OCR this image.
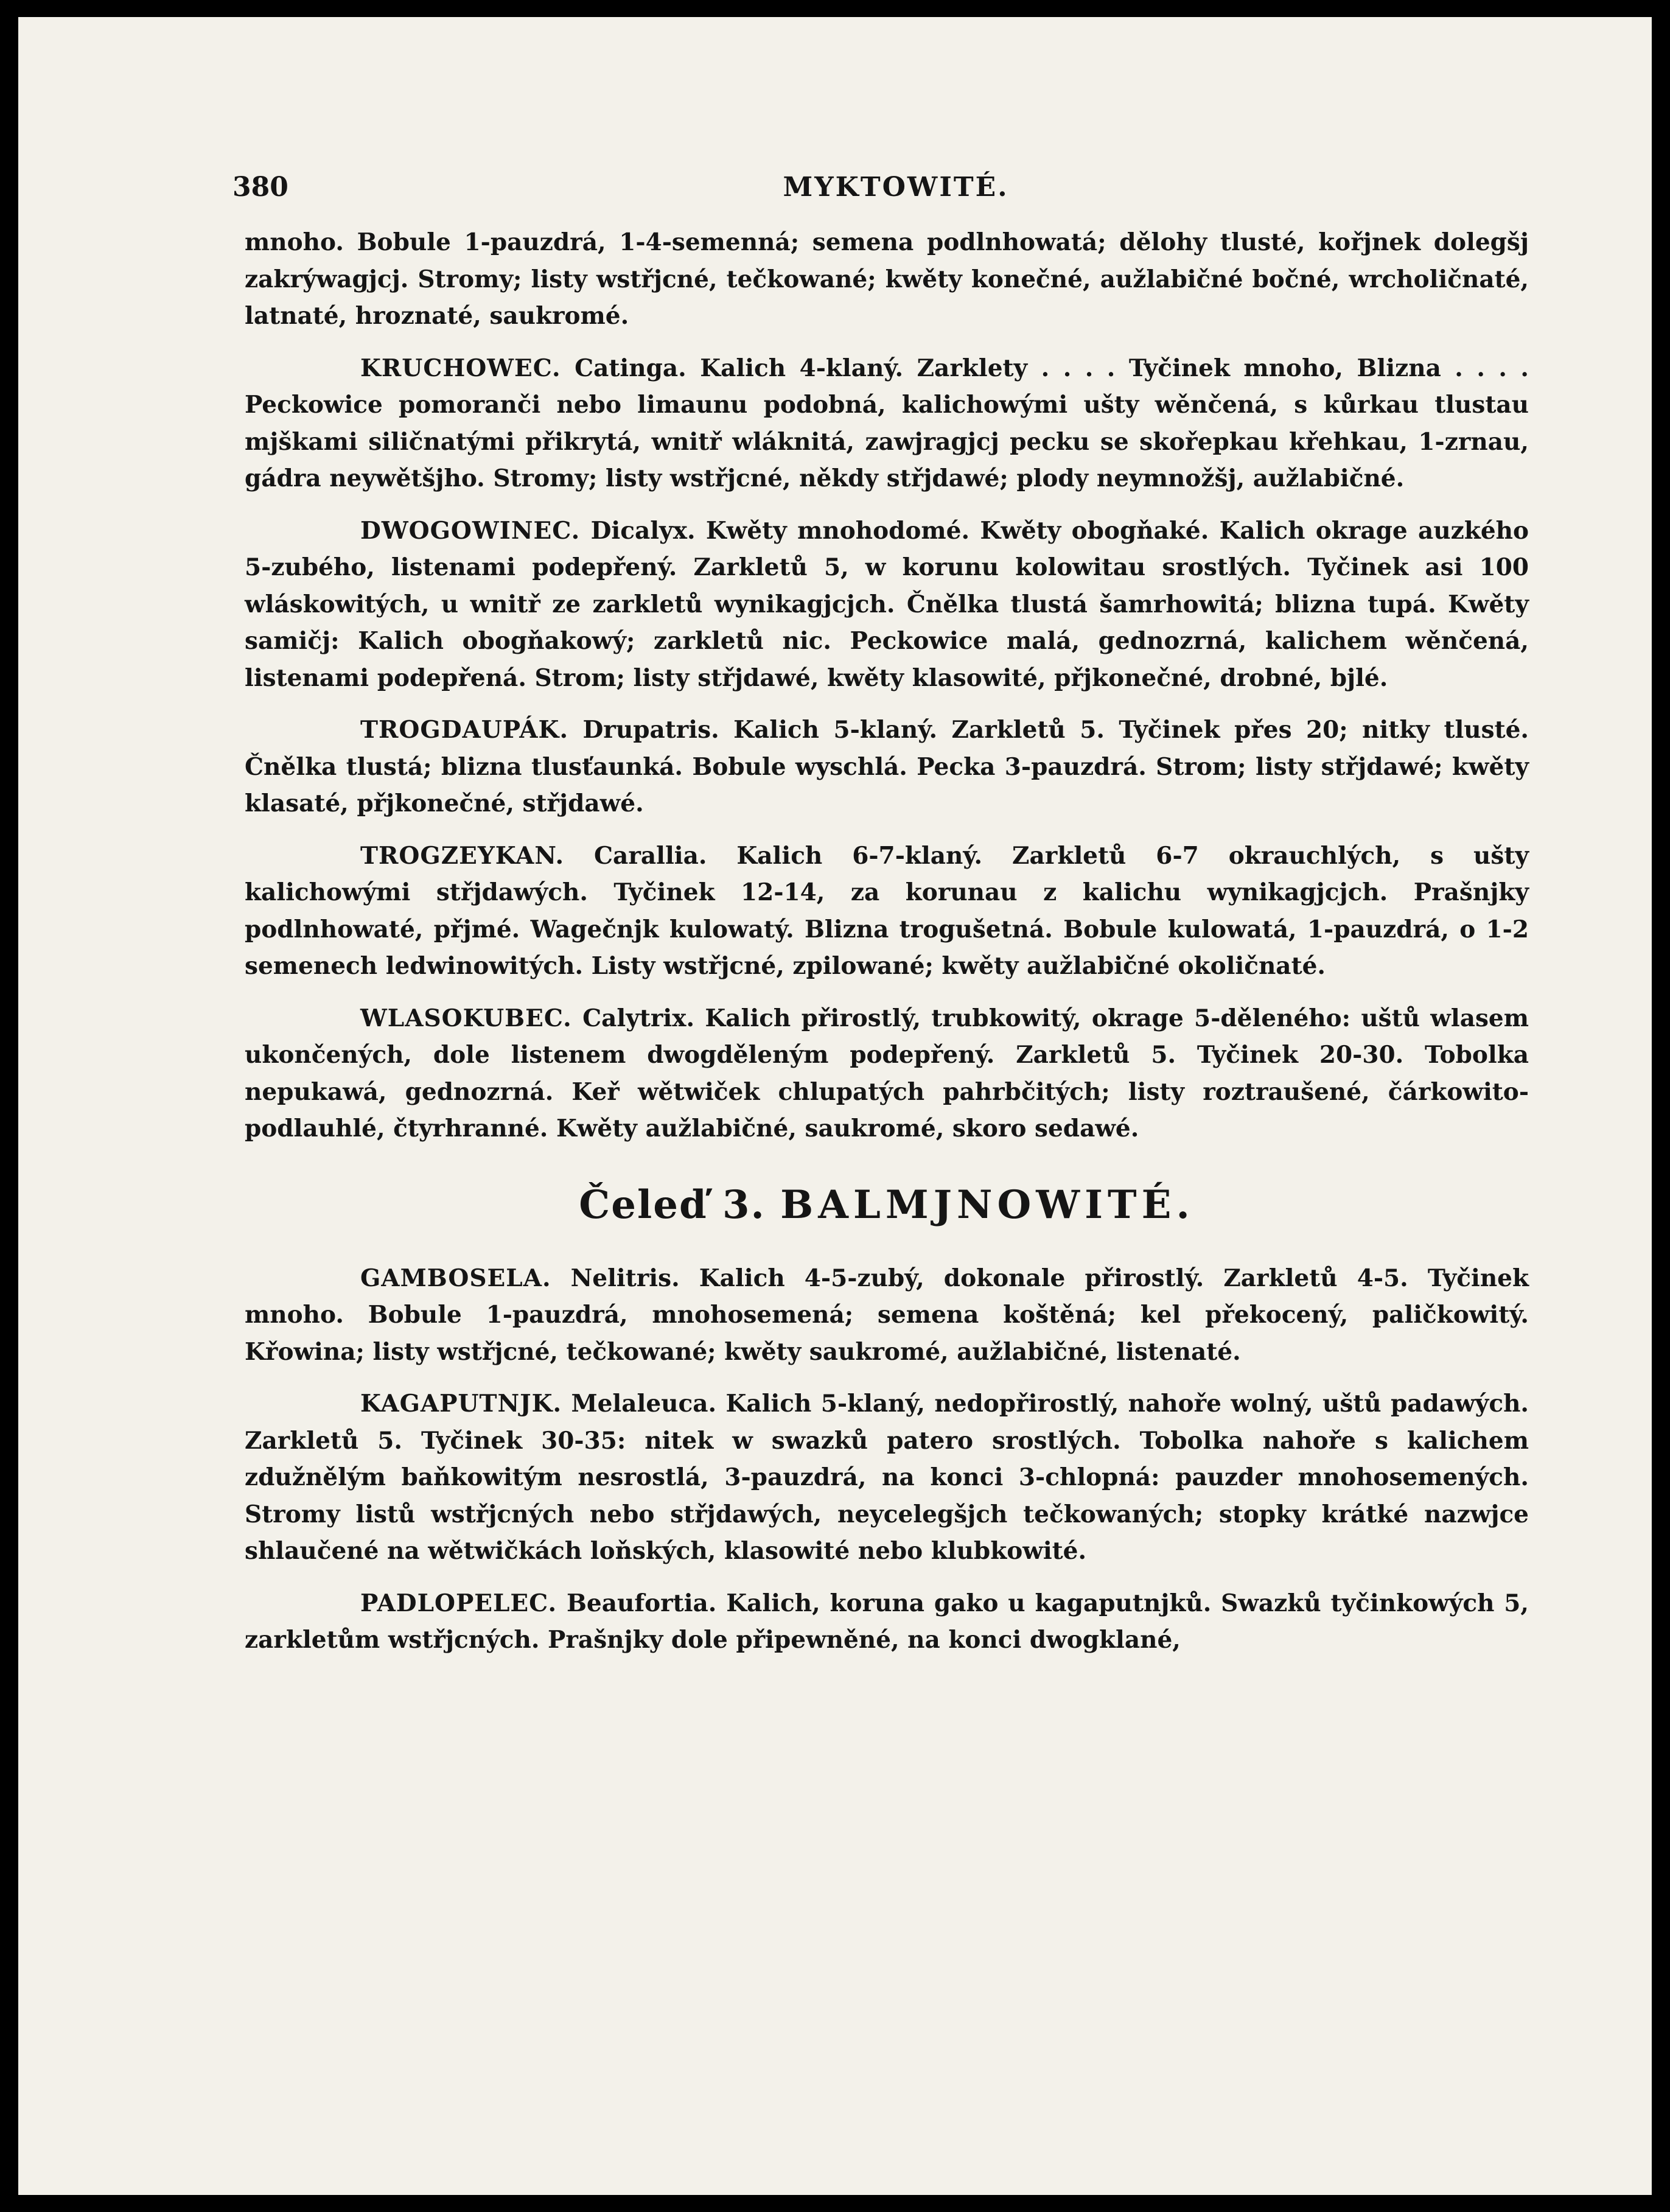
380	MYKTOWITÉ.

mnoho. Bobule 1-pauzdrá, 1-4-semenná; semena podlnhowatá; dělohy tlusté, kořjnek dolegšj zakrýwagjcj. Stromy; listy wstřjcné, tečkowané; kwěty konečné, aužlabičné bočné, wrcholičnaté, latnaté, hroznaté, saukromé.

KRUCHOWEC. Catinga. Kalich 4-klaný. Zarklety . . . . Tyčinek mnoho, Blizna . . . . Peckowice pomoranči nebo limaunu podobná, kalichowými ušty wěnčená, s kůrkau tlustau mjškami siličnatými přikrytá, wnitř wláknitá, zawjragjcj pecku se skořepkau křehkau, 1-zrnau, gádra neywětšjho. Stromy; listy wstřjcné, někdy střjdawé; plody neymnožšj, aužlabičné.

DWOGOWINEC. Dicalyx. Kwěty mnohodomé. Kwěty obogňaké. Kalich okrage auzkého 5-zubého, listenami podepřený. Zarkletů 5, w korunu kolowitau srostlých. Tyčinek asi 100 wláskowitých, u wnitř ze zarkletů wynikagjcjch. Čnělka tlustá šamrhowitá; blizna tupá. Kwěty samičj: Kalich obogňakowý; zarkletů nic. Peckowice malá, gednozrná, kalichem wěnčená, listenami podepřená. Strom; listy střjdawé, kwěty klasowité, přjkonečné, drobné, bjlé.

TROGDAUPÁK. Drupatris. Kalich 5-klaný. Zarkletů 5. Tyčinek přes 20; nitky tlusté. Čnělka tlustá; blizna tlusťaunká. Bobule wyschlá. Pecka 3-pauzdrá. Strom; listy střjdawé; kwěty klasaté, přjkonečné, střjdawé.

TROGZEYKAN. Carallia. Kalich 6-7-klaný. Zarkletů 6-7 okrauchlých, s ušty kalichowými střjdawých. Tyčinek 12-14, za korunau z kalichu wynikagjcjch. Prašnjky podlnhowaté, přjmé. Wagečnjk kulowatý. Blizna trogušetná. Bobule kulowatá, 1-pauzdrá, o 1-2 semenech ledwinowitých. Listy wstřjcné, zpilowané; kwěty aužlabičné okoličnaté.

WLASOKUBEC. Calytrix. Kalich přirostlý, trubkowitý, okrage 5-děleného: uštů wlasem ukončených, dole listenem dwogděleným podepřený. Zarkletů 5. Tyčinek 20-30. Tobolka nepukawá, gednozrná. Keř wětwiček chlupatých pahrbčitých; listy roztraušené, čárkowito-podlauhlé, čtyrhranné. Kwěty aužlabičné, saukromé, skoro sedawé.

Čeleď 3. BALMJNOWITÉ.

GAMBOSELA. Nelitris. Kalich 4-5-zubý, dokonale přirostlý. Zarkletů 4-5. Tyčinek mnoho. Bobule 1-pauzdrá, mnohosemená; semena koštěná; kel překocený, paličkowitý. Křowina; listy wstřjcné, tečkowané; kwěty saukromé, aužlabičné, listenaté.

KAGAPUTNJK. Melaleuca. Kalich 5-klaný, nedopřirostlý, nahoře wolný, uštů padawých. Zarkletů 5. Tyčinek 30-35: nitek w swazků patero srostlých. Tobolka nahoře s kalichem zdužnělým baňkowitým nesrostlá, 3-pauzdrá, na konci 3-chlopná: pauzder mnohosemených. Stromy listů wstřjcných nebo střjdawých, neycelegšjch tečkowaných; stopky krátké nazwjce shlaučené na wětwičkách loňských, klasowité nebo klubkowité.

PADLOPELEC. Beaufortia. Kalich, koruna gako u kagaputnjků. Swazků tyčinkowých 5, zarkletům wstřjcných. Prašnjky dole připewněné, na konci dwogklané,
